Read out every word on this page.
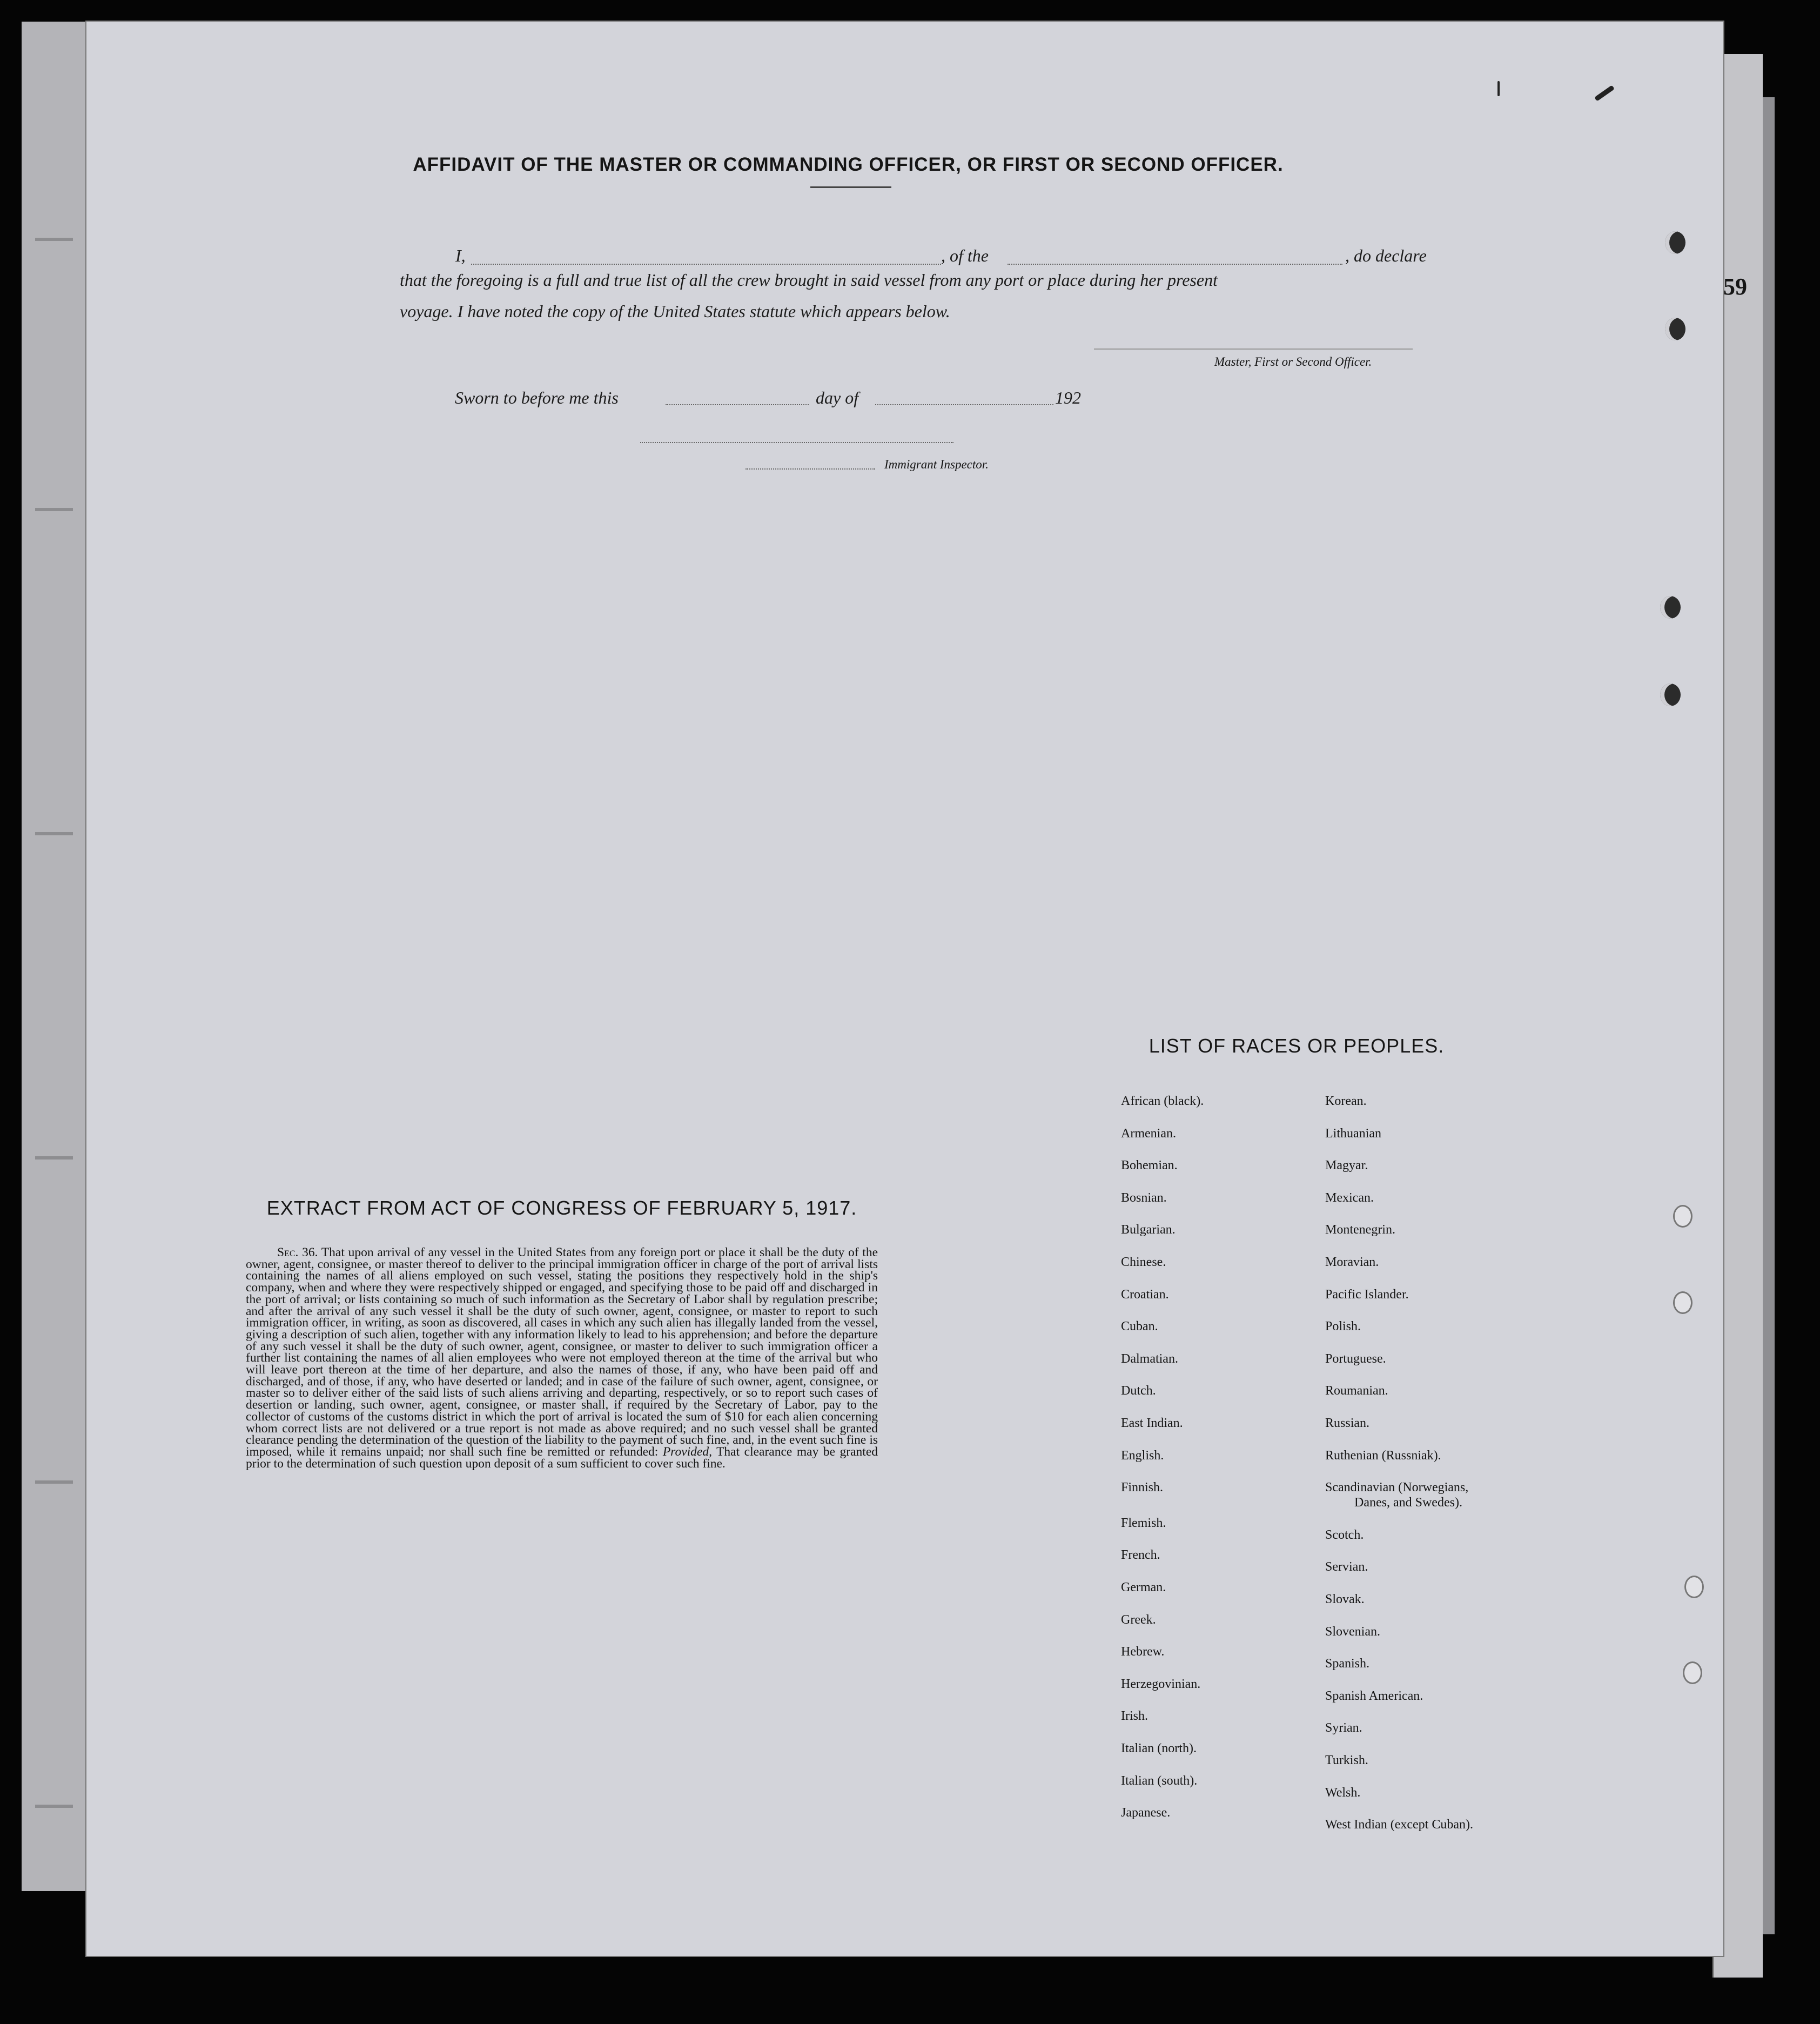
59
AFFIDAVIT OF THE MASTER OR COMMANDING OFFICER, OR FIRST OR SECOND OFFICER.
I,	, of the	, do declare
that the foregoing is a full and true list of all the crew brought in said vessel from any port or place during her present
voyage. I have noted the copy of the United States statute which appears below.
Master, First or Second Officer.
Sworn to before me this	day of	192
Immigrant Inspector.
LIST OF RACES OR PEOPLES.
African (black).
Armenian.
Bohemian.
Bosnian.
Bulgarian.
Chinese.
Croatian.
Cuban.
Dalmatian.
Dutch.
East Indian.
English.
Finnish.
Flemish.
French.
German.
Greek.
Hebrew.
Herzegovinian.
Irish.
Italian (north).
Italian (south).
Japanese.
Korean.
Lithuanian
Magyar.
Mexican.
Montenegrin.
Moravian.
Pacific Islander.
Polish.
Portuguese.
Roumanian.
Russian.
Ruthenian (Russniak).
Scandinavian (Norwegians,
Danes, and Swedes).
Scotch.
Servian.
Slovak.
Slovenian.
Spanish.
Spanish American.
Syrian.
Turkish.
Welsh.
West Indian (except Cuban).
EXTRACT FROM ACT OF CONGRESS OF FEBRUARY 5, 1917.
Sec. 36. That upon arrival of any vessel in the United States from any foreign port or place it shall be the duty of the owner, agent, consignee, or master thereof to deliver to the principal immigration officer in charge of the port of arrival lists containing the names of all aliens employed on such vessel, stating the positions they respectively hold in the ship's company, when and where they were respectively shipped or engaged, and specifying those to be paid off and discharged in the port of arrival; or lists containing so much of such information as the Secretary of Labor shall by regulation prescribe; and after the arrival of any such vessel it shall be the duty of such owner, agent, consignee, or master to report to such immigration officer, in writing, as soon as discovered, all cases in which any such alien has illegally landed from the vessel, giving a description of such alien, together with any information likely to lead to his apprehension; and before the departure of any such vessel it shall be the duty of such owner, agent, consignee, or master to deliver to such immigration officer a further list containing the names of all alien employees who were not employed thereon at the time of the arrival but who will leave port thereon at the time of her departure, and also the names of those, if any, who have been paid off and discharged, and of those, if any, who have deserted or landed; and in case of the failure of such owner, agent, consignee, or master so to deliver either of the said lists of such aliens arriving and departing, respectively, or so to report such cases of desertion or landing, such owner, agent, consignee, or master shall, if required by the Secretary of Labor, pay to the collector of customs of the customs district in which the port of arrival is located the sum of $10 for each alien concerning whom correct lists are not delivered or a true report is not made as above required; and no such vessel shall be granted clearance pending the determination of the question of the liability to the payment of such fine, and, in the event such fine is imposed, while it remains unpaid; nor shall such fine be remitted or refunded: Provided, That clearance may be granted prior to the determination of such question upon deposit of a sum sufficient to cover such fine.
